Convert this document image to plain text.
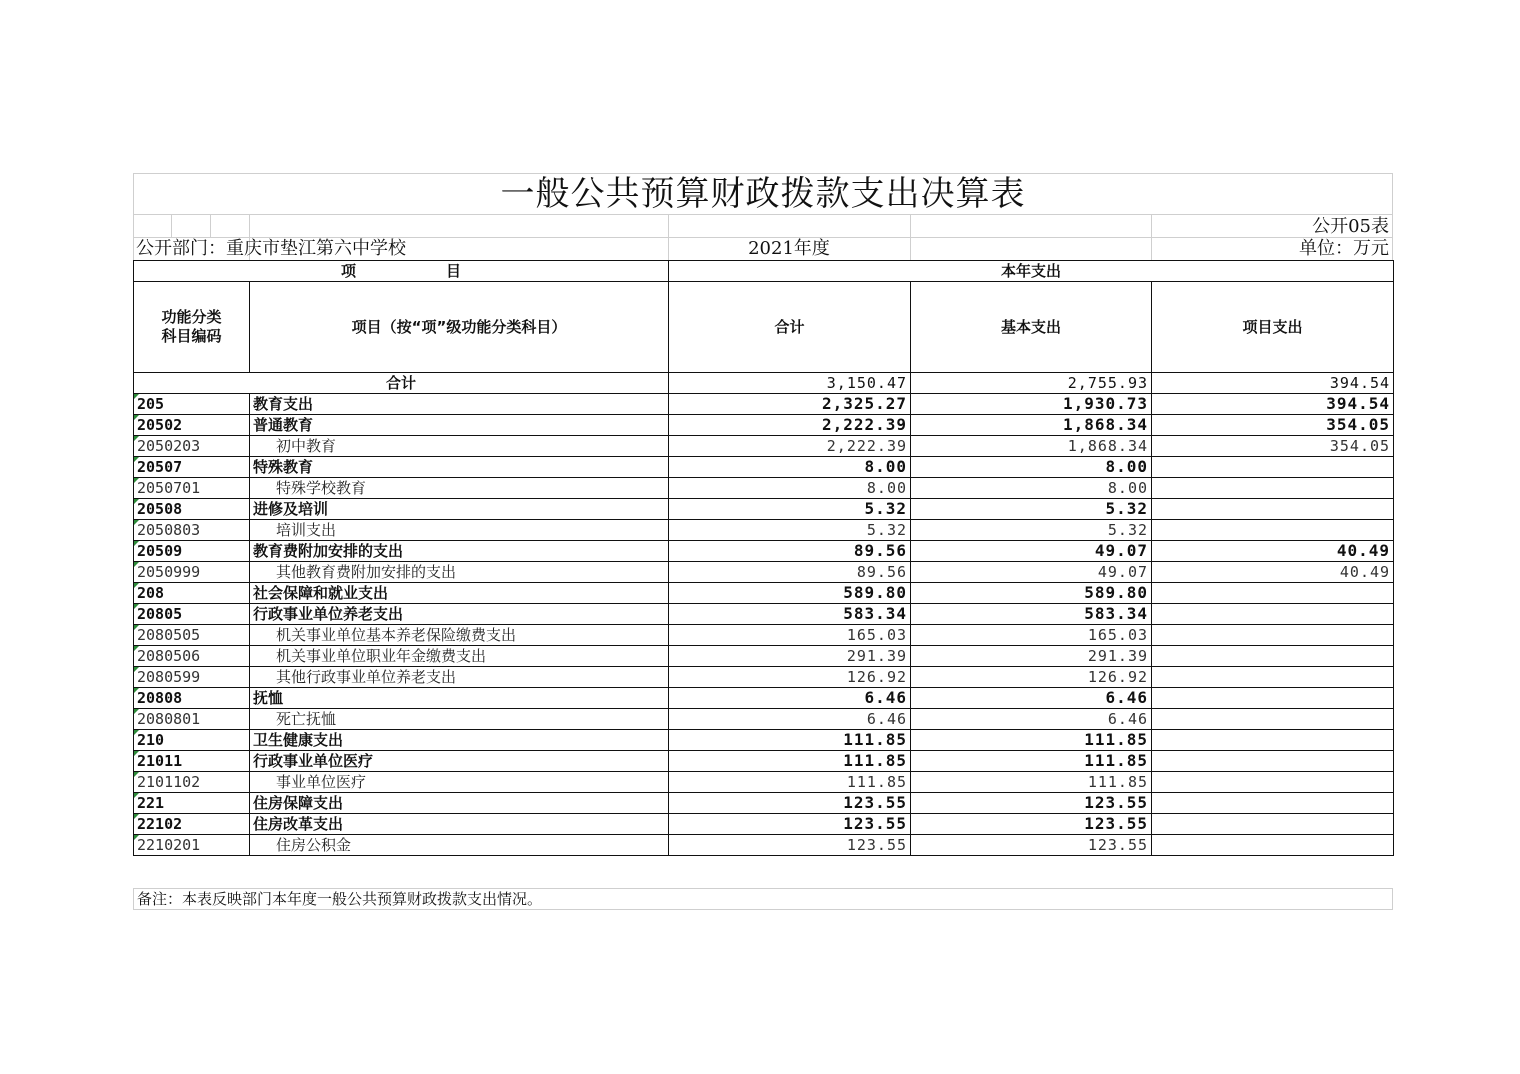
一般公共预算财政拨款支出决算表
公开05表
公开部门：重庆市垫江第六中学校	2021年度	单位：万元
项　　　　　　目		本年支出		
功能分类
科目编码	项目（按“项”级功能分类科目）	合计	基本支出	项目支出
合计		3,150.47	2,755.93	394.54
205	教育支出	2,325.27	1,930.73	394.54
20502	普通教育	2,222.39	1,868.34	354.05
2050203	初中教育	2,222.39	1,868.34	354.05
20507	特殊教育	8.00	8.00	
2050701	特殊学校教育	8.00	8.00	
20508	进修及培训	5.32	5.32	
2050803	培训支出	5.32	5.32	
20509	教育费附加安排的支出	89.56	49.07	40.49
2050999	其他教育费附加安排的支出	89.56	49.07	40.49
208	社会保障和就业支出	589.80	589.80	
20805	行政事业单位养老支出	583.34	583.34	
2080505	机关事业单位基本养老保险缴费支出	165.03	165.03	
2080506	机关事业单位职业年金缴费支出	291.39	291.39	
2080599	其他行政事业单位养老支出	126.92	126.92	
20808	抚恤	6.46	6.46	
2080801	死亡抚恤	6.46	6.46	
210	卫生健康支出	111.85	111.85	
21011	行政事业单位医疗	111.85	111.85	
2101102	事业单位医疗	111.85	111.85	
221	住房保障支出	123.55	123.55	
22102	住房改革支出	123.55	123.55	
2210201	住房公积金	123.55	123.55	
备注：本表反映部门本年度一般公共预算财政拨款支出情况。
